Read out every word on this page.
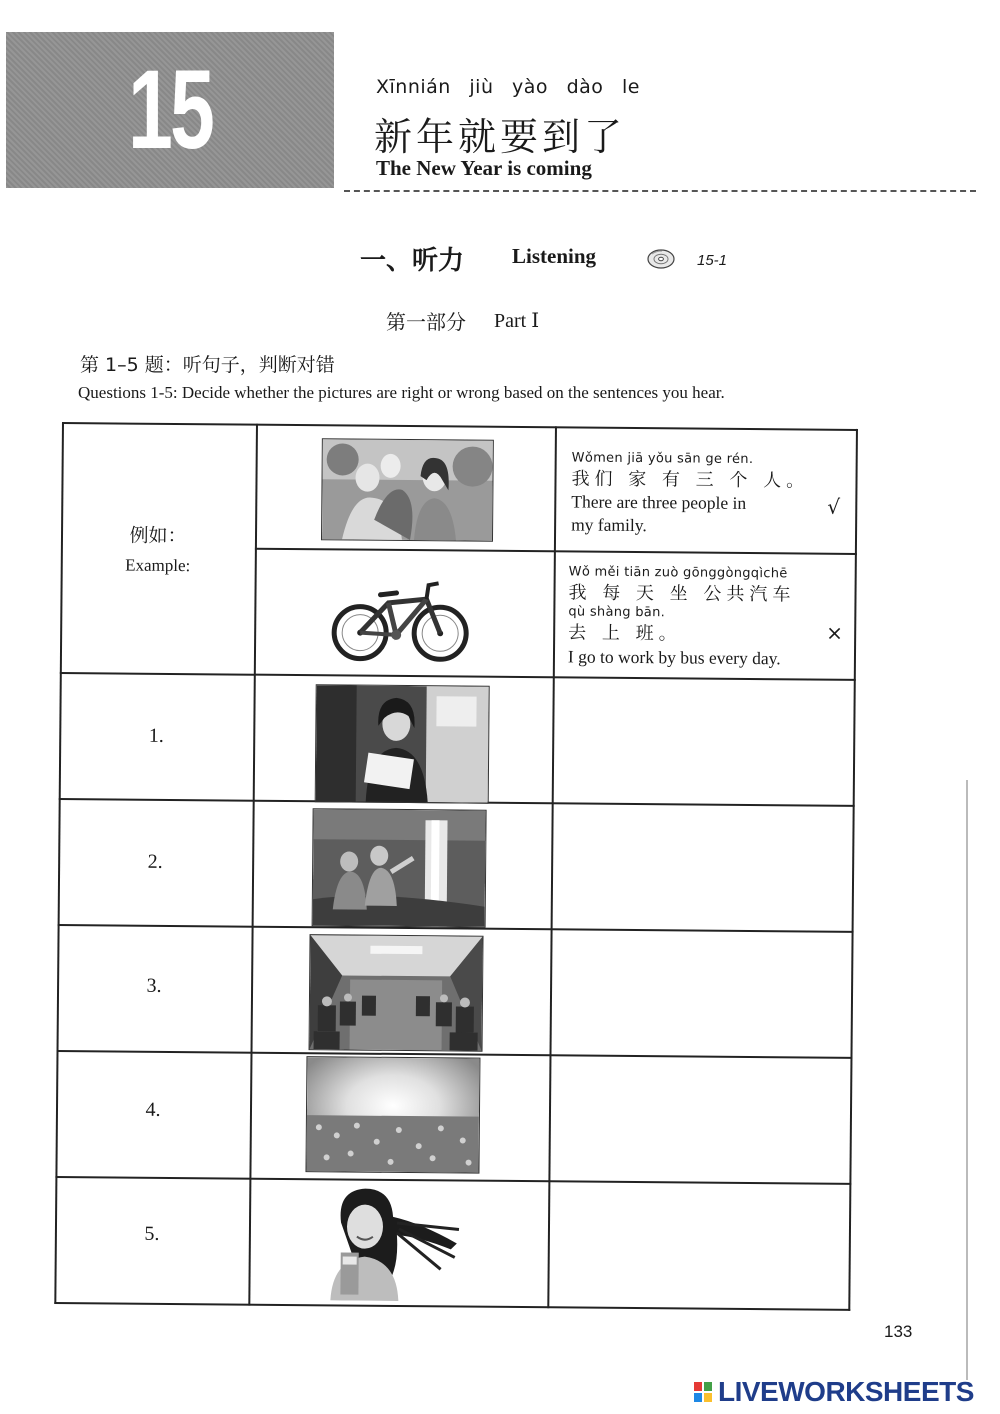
15	Xīnnián jiù yào dào le
新年就要到了
The New Year is coming
一、听力 Listening	15-1
第一部分 Part Ⅰ
第 1–5 题：听句子，判断对错
Questions 1-5: Decide whether the pictures are right or wrong based on the sentences you hear.
例如：
Example:
Wǒmen jiā yǒu sān ge rén.
我们 家 有 三 个 人。
There are three people in
my family.
√
Wǒ měi tiān zuò gōnggòngqìchē
我 每 天 坐 公共汽车
qù shàng bān.
去 上 班。
I go to work by bus every day.
×
1.
2.
3.
4.
5.
133
LIVEWORKSHEETS
